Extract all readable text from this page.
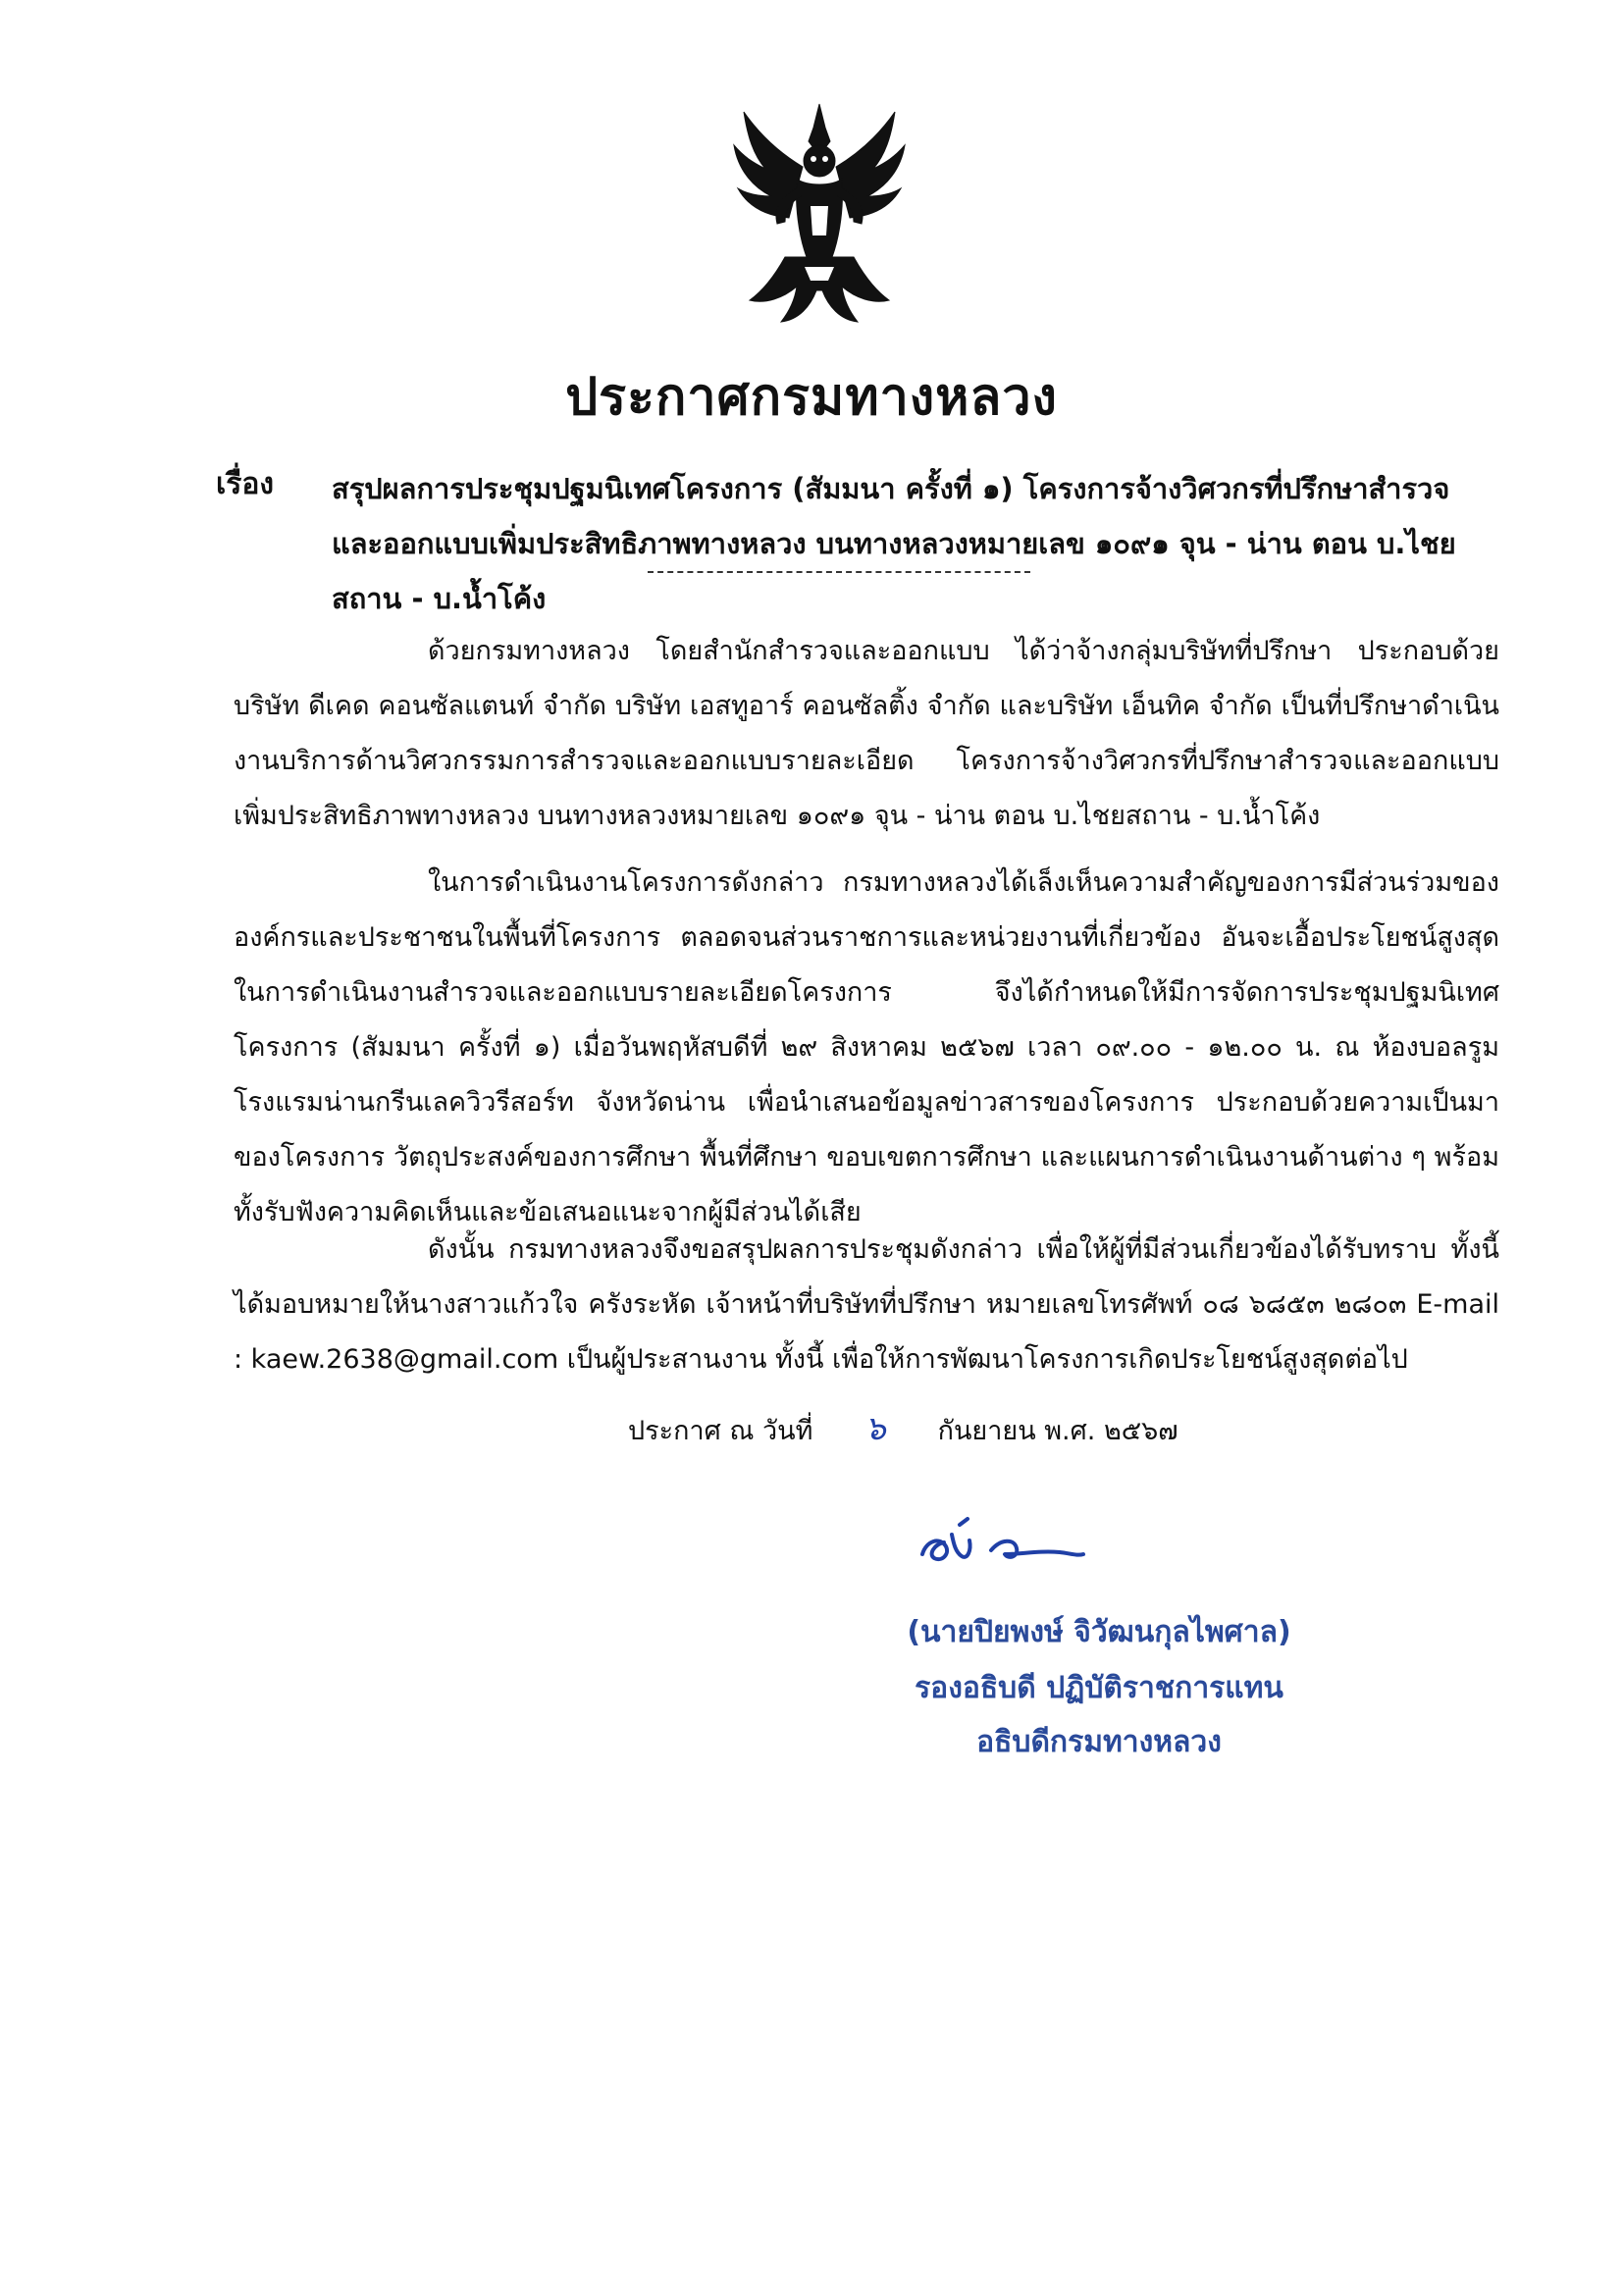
ประกาศกรมทางหลวง
เรื่อง สรุปผลการประชุมปฐมนิเทศโครงการ (สัมมนา ครั้งที่ ๑) โครงการจ้างวิศวกรที่ปรึกษาสำรวจและออกแบบเพิ่มประสิทธิภาพทางหลวง บนทางหลวงหมายเลข ๑๐๙๑ จุน - น่าน ตอน บ.ไชยสถาน - บ.น้ำโค้ง

ด้วยกรมทางหลวง โดยสำนักสำรวจและออกแบบ ได้ว่าจ้างกลุ่มบริษัทที่ปรึกษา ประกอบด้วย บริษัท ดีเคด คอนซัลแตนท์ จำกัด บริษัท เอสทูอาร์ คอนซัลติ้ง จำกัด และบริษัท เอ็นทิค จำกัด เป็นที่ปรึกษาดำเนินงานบริการด้านวิศวกรรมการสำรวจและออกแบบรายละเอียด โครงการจ้างวิศวกรที่ปรึกษาสำรวจและออกแบบเพิ่มประสิทธิภาพทางหลวง บนทางหลวงหมายเลข ๑๐๙๑ จุน - น่าน ตอน บ.ไชยสถาน - บ.น้ำโค้ง

ในการดำเนินงานโครงการดังกล่าว กรมทางหลวงได้เล็งเห็นความสำคัญของการมีส่วนร่วมขององค์กรและประชาชนในพื้นที่โครงการ ตลอดจนส่วนราชการและหน่วยงานที่เกี่ยวข้อง อันจะเอื้อประโยชน์สูงสุดในการดำเนินงานสำรวจและออกแบบรายละเอียดโครงการ จึงได้กำหนดให้มีการจัดการประชุมปฐมนิเทศโครงการ (สัมมนา ครั้งที่ ๑) เมื่อวันพฤหัสบดีที่ ๒๙ สิงหาคม ๒๕๖๗ เวลา ๐๙.๐๐ - ๑๒.๐๐ น. ณ ห้องบอลรูม โรงแรมน่านกรีนเลควิวรีสอร์ท จังหวัดน่าน เพื่อนำเสนอข้อมูลข่าวสารของโครงการ ประกอบด้วยความเป็นมาของโครงการ วัตถุประสงค์ของการศึกษา พื้นที่ศึกษา ขอบเขตการศึกษา และแผนการดำเนินงานด้านต่าง ๆ พร้อมทั้งรับฟังความคิดเห็นและข้อเสนอแนะจากผู้มีส่วนได้เสีย

ดังนั้น กรมทางหลวงจึงขอสรุปผลการประชุมดังกล่าว เพื่อให้ผู้ที่มีส่วนเกี่ยวข้องได้รับทราบ ทั้งนี้ ได้มอบหมายให้นางสาวแก้วใจ ครังระหัด เจ้าหน้าที่บริษัทที่ปรึกษา หมายเลขโทรศัพท์ ๐๘ ๖๘๕๓ ๒๘๐๓ E-mail : kaew.2638@gmail.com เป็นผู้ประสานงาน ทั้งนี้ เพื่อให้การพัฒนาโครงการเกิดประโยชน์สูงสุดต่อไป

ประกาศ ณ วันที่ ๖ กันยายน พ.ศ. ๒๕๖๗
(นายปิยพงษ์ จิวัฒนกุลไพศาล)
รองอธิบดี ปฏิบัติราชการแทน
อธิบดีกรมทางหลวง
